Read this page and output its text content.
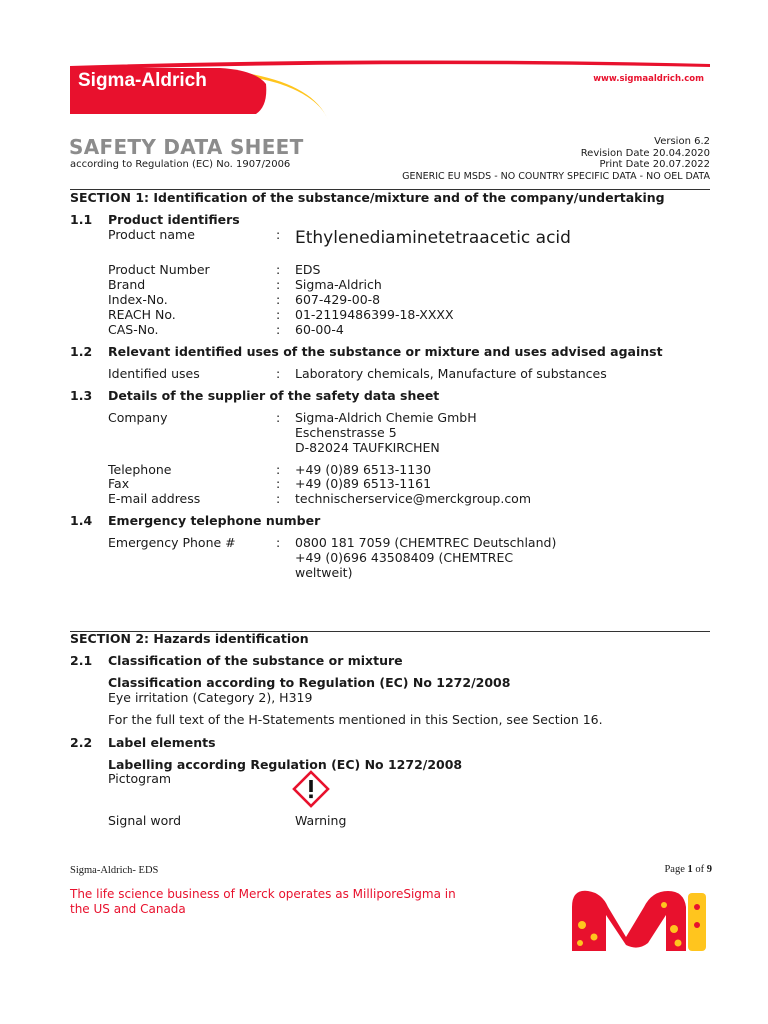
Sigma-Aldrich	www.sigmaaldrich.com
SAFETY DATA SHEET
according to Regulation (EC) No. 1907/2006
Version 6.2
Revision Date 20.04.2020
Print Date 20.07.2022
GENERIC EU MSDS - NO COUNTRY SPECIFIC DATA - NO OEL DATA
SECTION 1: Identification of the substance/mixture and of the company/undertaking
1.1 Product identifiers
Product name	: Ethylenediaminetetraacetic acid
Product Number	: EDS
Brand	: Sigma-Aldrich
Index-No.	: 607-429-00-8
REACH No.	: 01-2119486399-18-XXXX
CAS-No.	: 60-00-4
1.2 Relevant identified uses of the substance or mixture and uses advised against
Identified uses	: Laboratory chemicals, Manufacture of substances
1.3 Details of the supplier of the safety data sheet
Company	: Sigma-Aldrich Chemie GmbH
Eschenstrasse 5
D-82024 TAUFKIRCHEN
Telephone	: +49 (0)89 6513-1130
Fax	: +49 (0)89 6513-1161
E-mail address	: technischerservice@merckgroup.com
1.4 Emergency telephone number
Emergency Phone #	: 0800 181 7059 (CHEMTREC Deutschland)
+49 (0)696 43508409 (CHEMTREC
weltweit)
SECTION 2: Hazards identification
2.1 Classification of the substance or mixture
Classification according to Regulation (EC) No 1272/2008
Eye irritation (Category 2), H319
For the full text of the H-Statements mentioned in this Section, see Section 16.
2.2 Label elements
Labelling according Regulation (EC) No 1272/2008
Pictogram
Signal word	Warning
Sigma-Aldrich- EDS	Page 1 of 9
The life science business of Merck operates as MilliporeSigma in
the US and Canada
